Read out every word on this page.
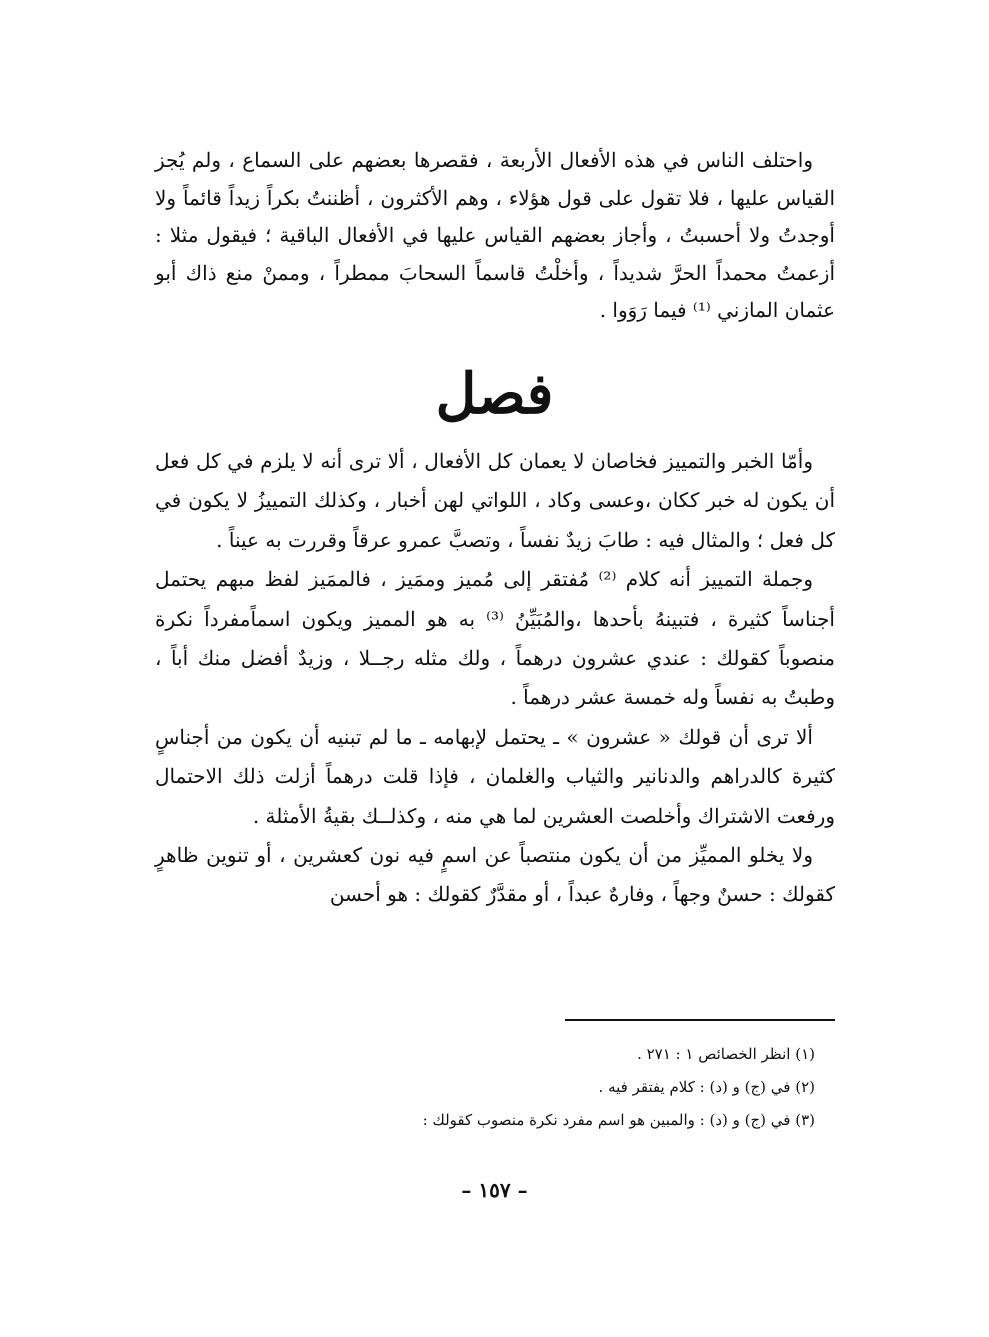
واحتلف الناس في هذه الأفعال الأربعة ، فقصرها بعضهم على السماع ، ولم يُجز القياس عليها ، فلا تقول على قول هؤلاء ، وهم الأكثرون ، أظننتُ بكراً زيداً قائماً ولا أوجدتُ ولا أحسبتُ ، وأجاز بعضهم القياس عليها في الأفعال الباقية ؛ فيقول مثلا : أزعمتُ محمداً الحرَّ شديداً ، وأخلْتُ قاسماً السحابَ ممطراً ، وممنْ منع ذاك أبو عثمان المازني ⁽¹⁾ فيما رَوَوا .

فصل

وأمّا الخبر والتمييز فخاصان لا يعمان كل الأفعال ، ألا ترى أنه لا يلزم في كل فعل أن يكون له خبر ككان ،وعسى وكاد ، اللواتي لهن أخبار ، وكذلك التمييزُ لا يكون في كل فعل ؛ والمثال فيه : طابَ زيدٌ نفساً ، وتصبَّ عمرو عرقاً وقررت به عيناً .

وجملة التمييز أنه كلام ⁽²⁾ مُفتقر إلى مُميز وممَيز ، فالممَيز لفظ مبهم يحتمل أجناساً كثيرة ، فتبينهُ بأحدها ،والمُبَيِّنُ ⁽³⁾ به هو المميز ويكون اسماًمفرداً نكرة منصوباً كقولك : عندي عشرون درهماً ، ولك مثله رجــلا ، وزيدٌ أفضل منك أباً ، وطبتُ به نفساً وله خمسة عشر درهماً .

ألا ترى أن قولك « عشرون » ـ يحتمل لإبهامه ـ ما لم تبنيه أن يكون من أجناسٍ كثيرة كالدراهم والدنانير والثياب والغلمان ، فإذا قلت درهماً أزلت ذلك الاحتمال ورفعت الاشتراك وأخلصت العشرين لما هي منه ، وكذلــك بقيةُ الأمثلة .

ولا يخلو المميِّز من أن يكون منتصباً عن اسمٍ فيه نون كعشرين ، أو تنوين ظاهرٍ كقولك : حسنٌ وجهاً ، وفارهٌ عبداً ، أو مقدَّرٌ كقولك : هو أحسن

(١) انظر الخصائص ١ : ٢٧١ .
(٢) في (ج) و (د) : كلام يفتقر فيه .
(٣) في (ج) و (د) : والمبين هو اسم مفرد نكرة منصوب كقولك :
– ١٥٧ –
